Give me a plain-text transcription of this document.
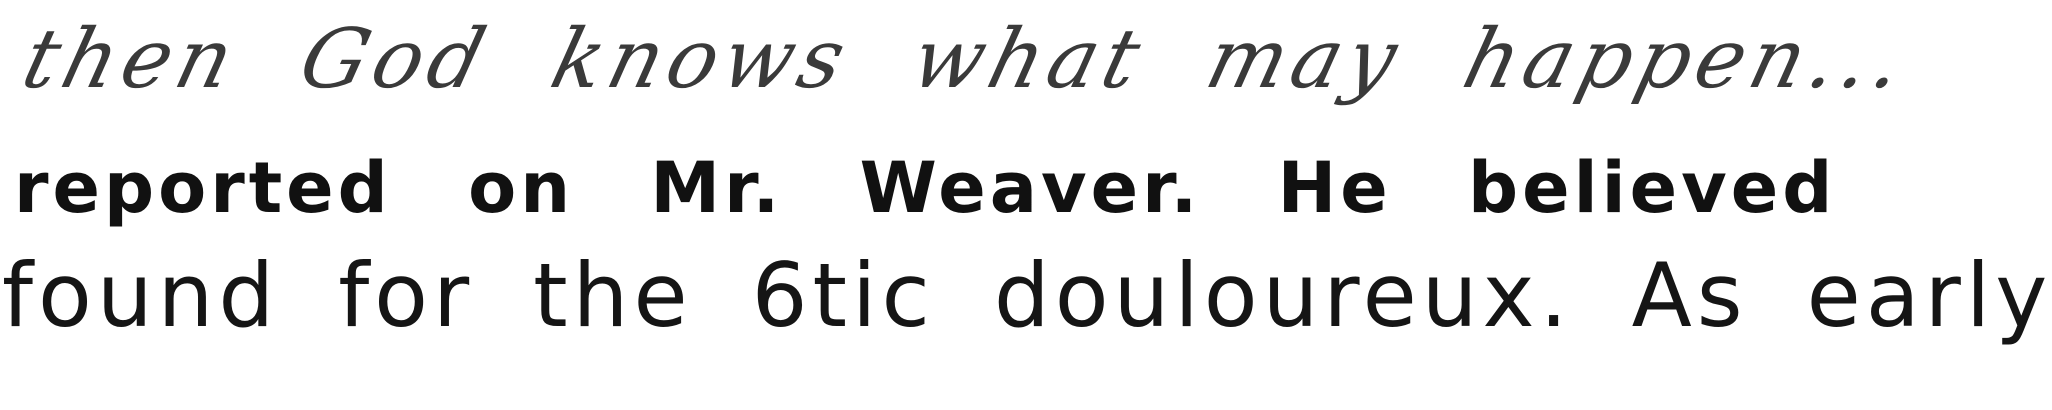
then God knows what may happen...
reported on Mr. Weaver. He believed
found for the 6tic douloureux. As early
